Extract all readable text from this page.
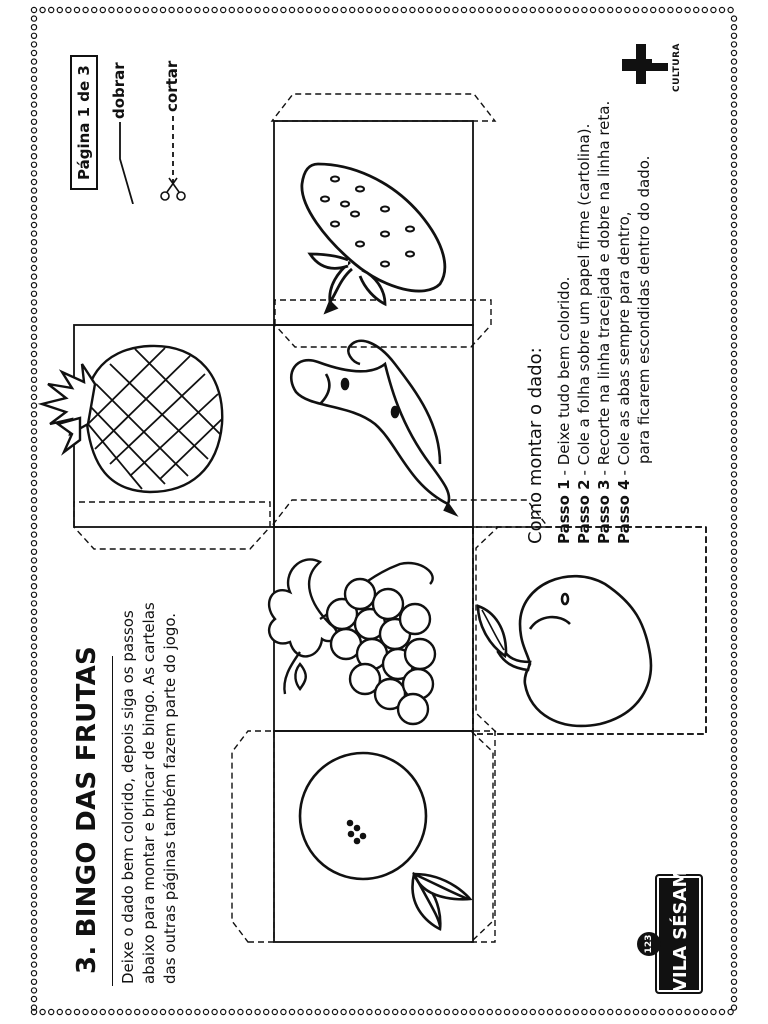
3.BINGO DAS FRUTAS Deixe o dado bem colorido, depois siga os passos abaixo para montar e brincar de bingo. As cartelas das outras páginas também fazem parte do jogo.
Página 1 de 3	dobrar cortar
Como montar o dado: Passo 1- Deixe tudo bem colorido.
Passo 2- Cole a folha sobre um papel firme (cartolina).
Passo 3- Recorte na linha tracejada e dobre na linha reta.
Passo 4- Cole as abas sempre para dentro, para ficarem escondidas dentro do dado.
CULTURA
VILA SÉSAMO
123
